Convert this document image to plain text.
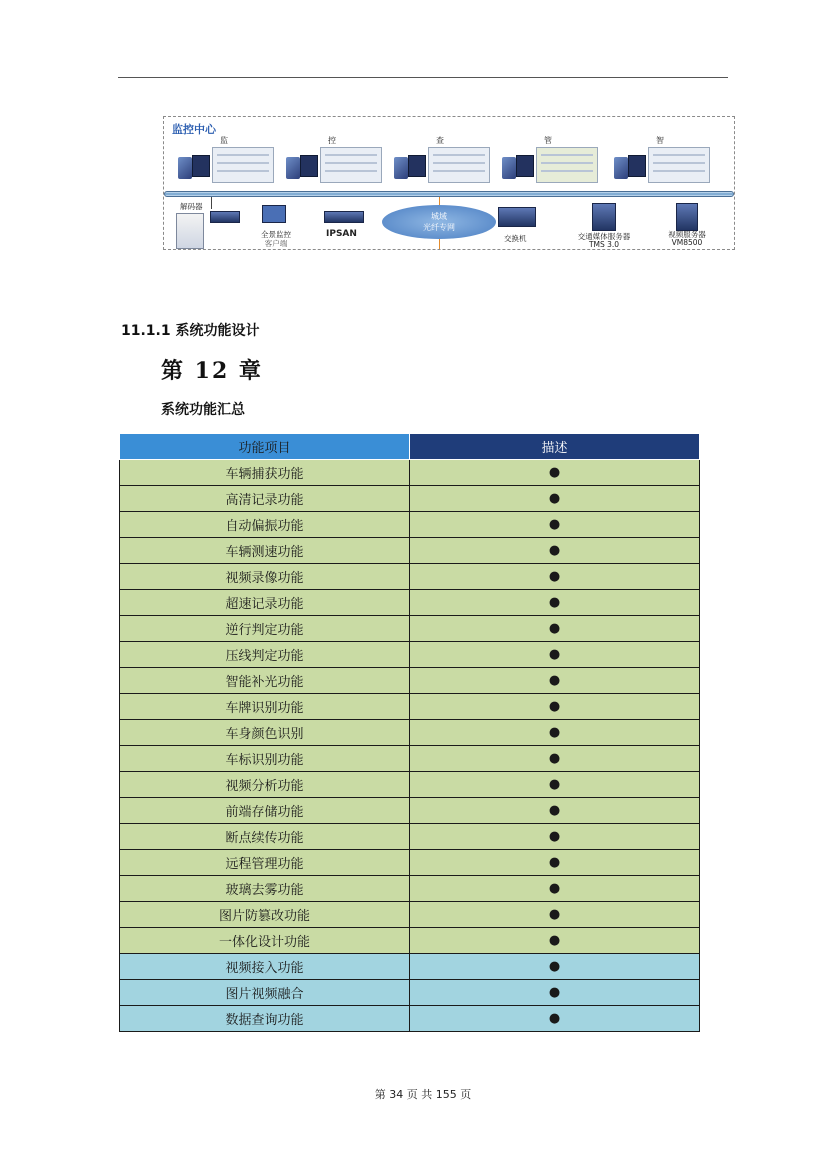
监控中心
监	控	查	管	智
解码器
全景监控
客户端
IPSAN
城域
光纤专网
交换机	交通媒体服务器
TMS 3.0
视频服务器
VM8500
11.1.1 系统功能设计
第 12 章
系统功能汇总
功能项目	描述
车辆捕获功能	●
高清记录功能	●
自动偏振功能	●
车辆测速功能	●
视频录像功能	●
超速记录功能	●
逆行判定功能	●
压线判定功能	●
智能补光功能	●
车牌识别功能	●
车身颜色识别	●
车标识别功能	●
视频分析功能	●
前端存储功能	●
断点续传功能	●
远程管理功能	●
玻璃去雾功能	●
图片防篡改功能	●
一体化设计功能	●
视频接入功能	●
图片视频融合	●
数据查询功能	●
第 34 页 共 155 页
